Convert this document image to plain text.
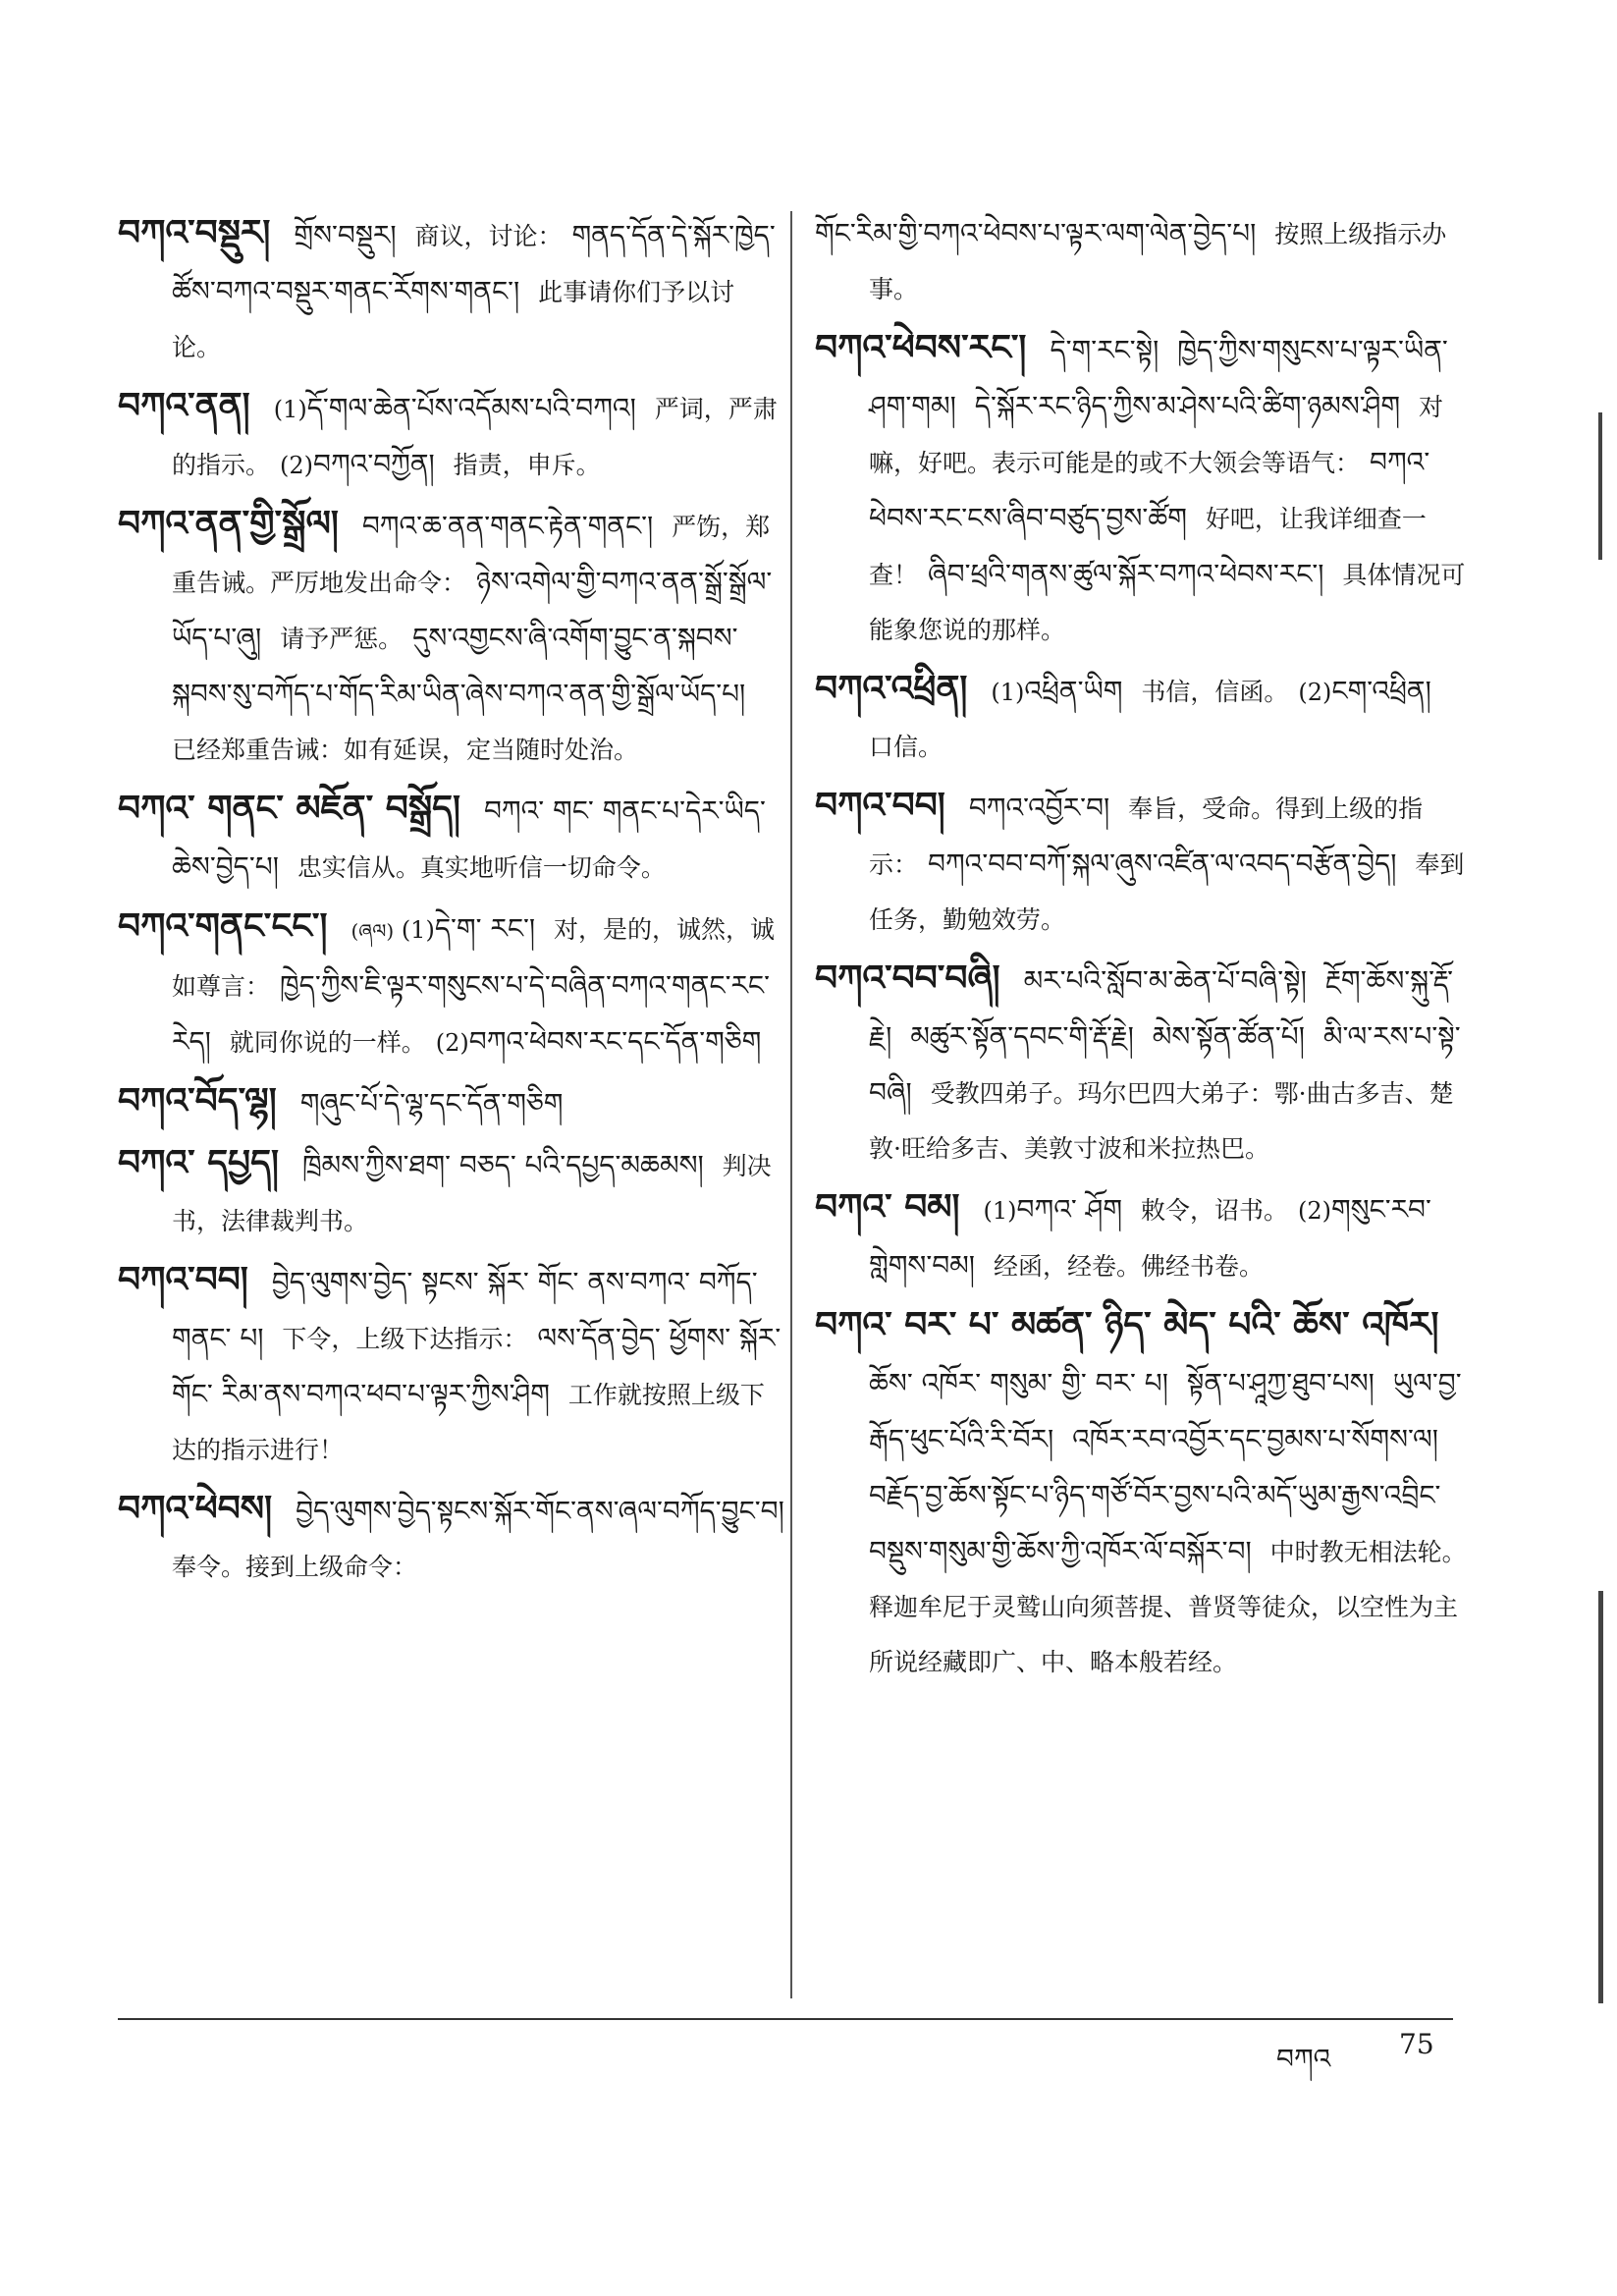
བཀའ་བསྡུར། གྲོས་བསྡུར། 商议，讨论： གནད་དོན་དེ་སྐོར་ཁྱེད་ཚོས་བཀའ་བསྡུར་གནང་རོགས་གནང་། 此事请你们予以讨论。
བཀའ་ནན། (1)དོ་གལ་ཆེན་པོས་འདོམས་པའི་བཀའ། 严词，严肃的指示。 (2)བཀའ་བཀྱོན། 指责，申斥。
བཀའ་ནན་གྱི་སྒྲོལ། བཀའ་ཆ་ནན་གནང་རྟེན་གནང་། 严饬，郑重告诫。严厉地发出命令： ཉེས་འགེལ་གྱི་བཀའ་ནན་སྒྲོ་སྒྲོལ་ཡོད་པ་ཞུ། 请予严惩。 དུས་འགྱངས་ཞི་འགོག་བྱུང་ན་སྐབས་སྐབས་སུ་བཀོད་པ་གོད་རིམ་ཡིན་ཞེས་བཀའ་ནན་གྱི་སྒྲོལ་ཡོད་པ། 已经郑重告诫：如有延误，定当随时处治。
བཀའ་ གནང་ མཇོན་ བསྒྲོད། བཀའ་ གང་ གནང་པ་དེར་ཡིད་ཆེས་བྱེད་པ། 忠实信从。真实地听信一切命令。
བཀའ་གནང་ངང་། (ཞལ) (1)དེ་ག་ རང་། 对，是的，诚然，诚如尊言： ཁྱེད་ཀྱིས་ཇི་ལྟར་གསུངས་པ་དེ་བཞིན་བཀའ་གནང་རང་རེད། 就同你说的一样。 (2)བཀའ་ཕེབས་རང་དང་དོན་གཅིག
བཀའ་བོད་ལྷ། གཞུང་པོ་དེ་ལྷ་དང་དོན་གཅིག
བཀའ་ དཔྱད། ཁྲིམས་ཀྱིས་ཐག་ བཅད་ པའི་དཔྱད་མཆམས། 判决书，法律裁判书。
བཀའ་བབ། བྱེད་ལུགས་བྱེད་ སྟངས་ སྐོར་ གོང་ ནས་བཀའ་ བཀོད་ གནང་ པ། 下令，上级下达指示： ལས་དོན་བྱེད་ ཕྱོགས་ སྐོར་ གོང་ རིམ་ནས་བཀའ་ཕབ་པ་ལྟར་ཀྱིས་ཤིག 工作就按照上级下达的指示进行！
བཀའ་ཕེབས། བྱེད་ལུགས་བྱེད་སྟངས་སྐོར་གོང་ནས་ཞལ་བཀོད་བྱུང་བ། 奉令。接到上级命令：
གོང་རིམ་གྱི་བཀའ་ཕེབས་པ་ལྟར་ལག་ལེན་བྱེད་པ། 按照上级指示办事。
བཀའ་ཕེབས་རང་། དེ་ག་རང་སྟེ། ཁྱེད་ཀྱིས་གསུངས་པ་ལྟར་ཡིན་ཤག་གམ། དེ་སྐོར་རང་ཉིད་ཀྱིས་མ་ཤེས་པའི་ཚིག་ཉམས་ཤིག 对嘛，好吧。表示可能是的或不大领会等语气： བཀའ་ཕེབས་རང་ངས་ཞིབ་བཙུད་བྱས་ཚོག 好吧，让我详细查一查！ ཞིབ་ཕྲའི་གནས་ཚུལ་སྐོར་བཀའ་ཕེབས་རང་། 具体情况可能象您说的那样。
བཀའ་འཕྲིན། (1)འཕྲིན་ཡིག 书信，信函。 (2)ངག་འཕྲིན། 口信。
བཀའ་བབ། བཀའ་འབྱོར་བ། 奉旨，受命。得到上级的指示： བཀའ་བབ་བཀོ་སྐལ་ཞུས་འཛིན་ལ་འབད་བརྩོན་བྱེད། 奉到任务，勤勉效劳。
བཀའ་བབ་བཞི། མར་པའི་སློབ་མ་ཆེན་པོ་བཞི་སྟེ། རྔོག་ཆོས་སྐུ་རྡོ་རྗེ། མཚུར་སྟོན་དབང་གི་རྡོ་རྗེ། མེས་སྟོན་ཚོན་པོ། མི་ལ་རས་པ་སྟེ་བཞི། 受教四弟子。玛尔巴四大弟子：鄂·曲古多吉、楚敦·旺给多吉、美敦寸波和米拉热巴。
བཀའ་ བམ། (1)བཀའ་ ཤོག 敕令，诏书。 (2)གསུང་རབ་གླེགས་བམ། 经函，经卷。佛经书卷。
བཀའ་ བར་ པ་ མཚན་ ཉིད་ མེད་ པའི་ ཆོས་ འཁོར།ཆོས་ འཁོར་ གསུམ་ གྱི་ བར་ པ། སྟོན་པ་ཤཱཀྱ་ཐུབ་པས། ཡུལ་བྱ་རྒོད་ཕུང་པོའི་རི་བོར། འཁོར་རབ་འབྱོར་དང་བྱམས་པ་སོགས་ལ། བརྗོད་བྱ་ཆོས་སྟོང་པ་ཉིད་གཙོ་བོར་བྱས་པའི་མདོ་ཡུམ་རྒྱས་འབྲིང་བསྡུས་གསུམ་གྱི་ཆོས་ཀྱི་འཁོར་ལོ་བསྐོར་བ། 中时教无相法轮。释迦牟尼于灵鹫山向须菩提、普贤等徒众，以空性为主所说经藏即广、中、略本般若经。
བཀའ 75
